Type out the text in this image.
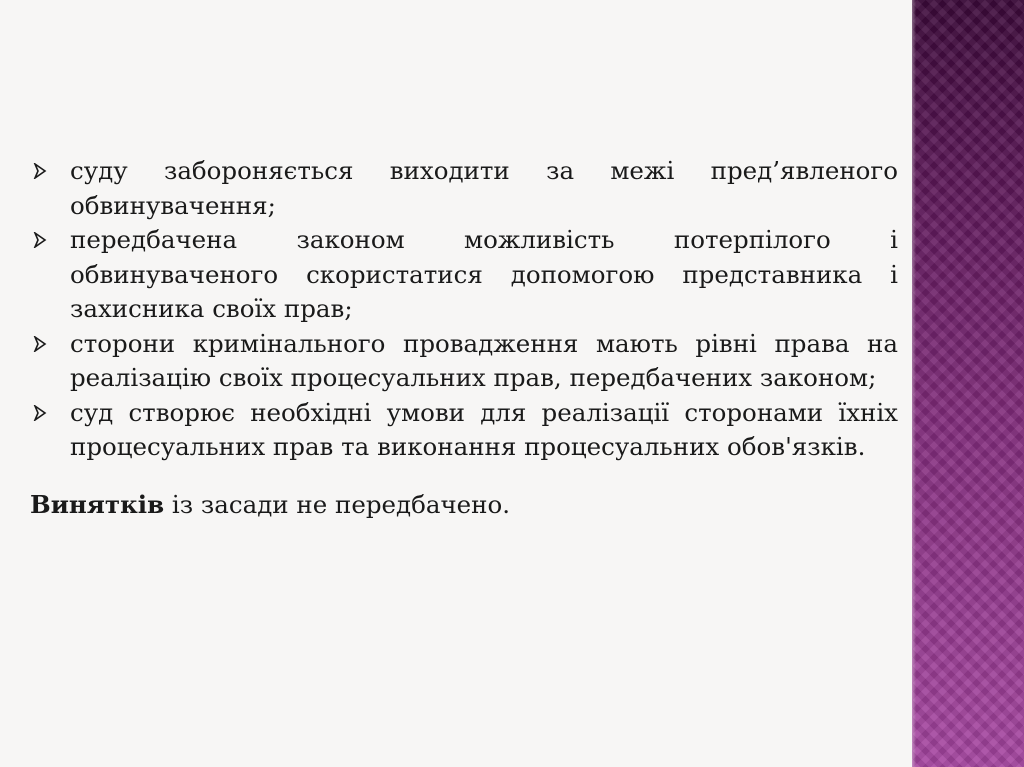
суду забороняється виходити за межі пред’явленого обвинувачення;
передбачена законом можливість потерпілого і обвинуваченого скористатися допомогою представника і захисника своїх прав;
сторони кримінального провадження мають рівні права на реалізацію своїх процесуальних прав, передбачених законом;
суд створює необхідні умови для реалізації сторонами їхніх процесуальних прав та виконання процесуальних обов'язків.

Винятків із засади не передбачено.
